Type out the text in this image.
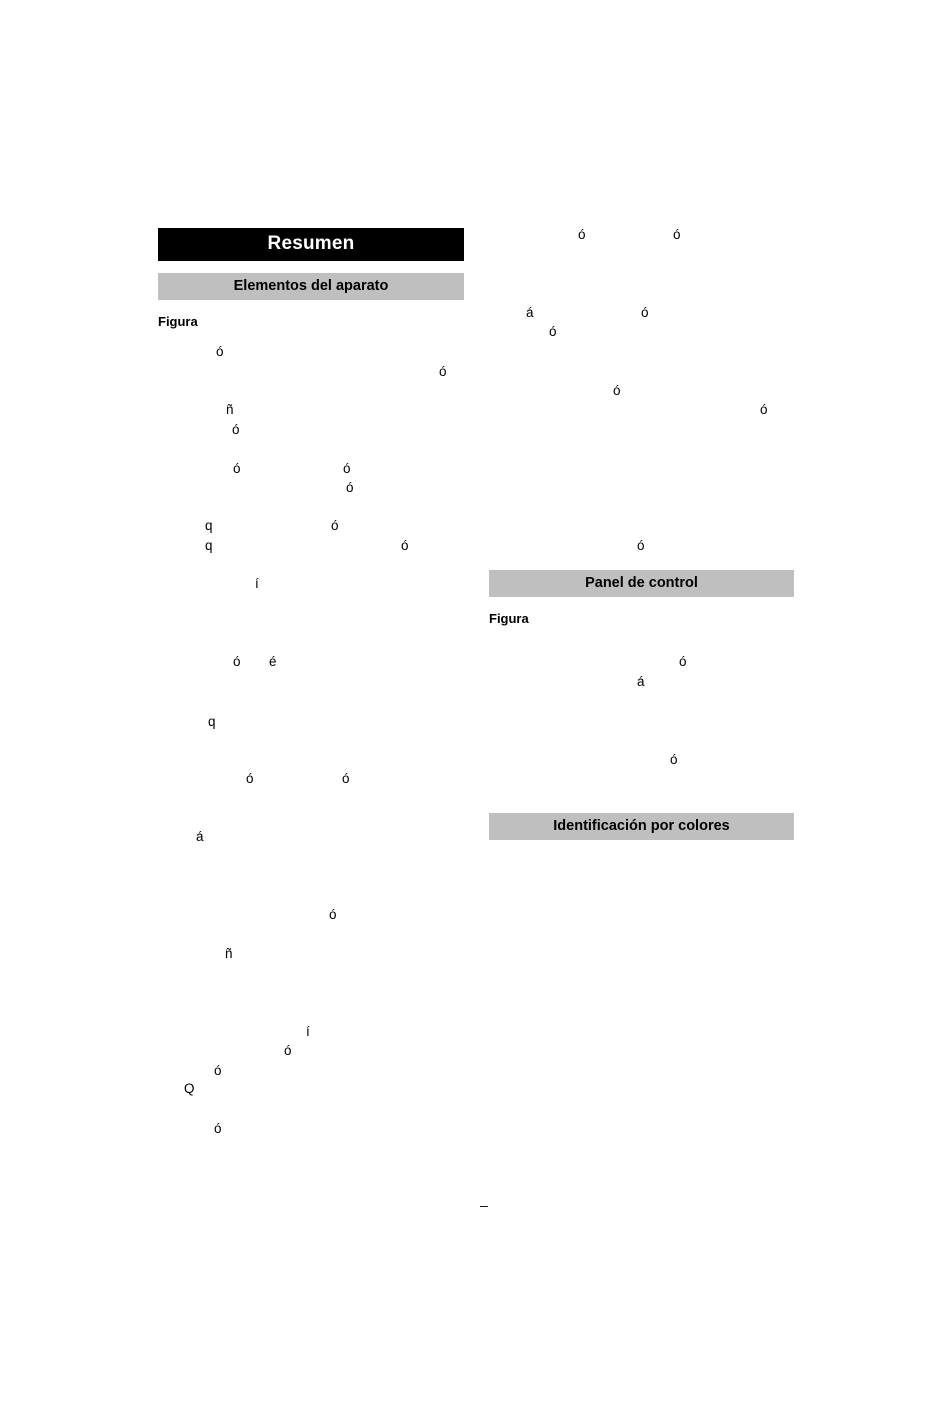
Resumen
Elementos del aparato
Figura
Panel de control
Figura
Identificación por colores
ó
ó
ñ
ó
ó	ó
ó
q	ó
q	ó
í
ó é
q
ó	ó
á
ó
ñ
í
ó
ó
Q
ó
ó	ó
á	ó
ó
ó
ó
ó
ó
á
ó
–
